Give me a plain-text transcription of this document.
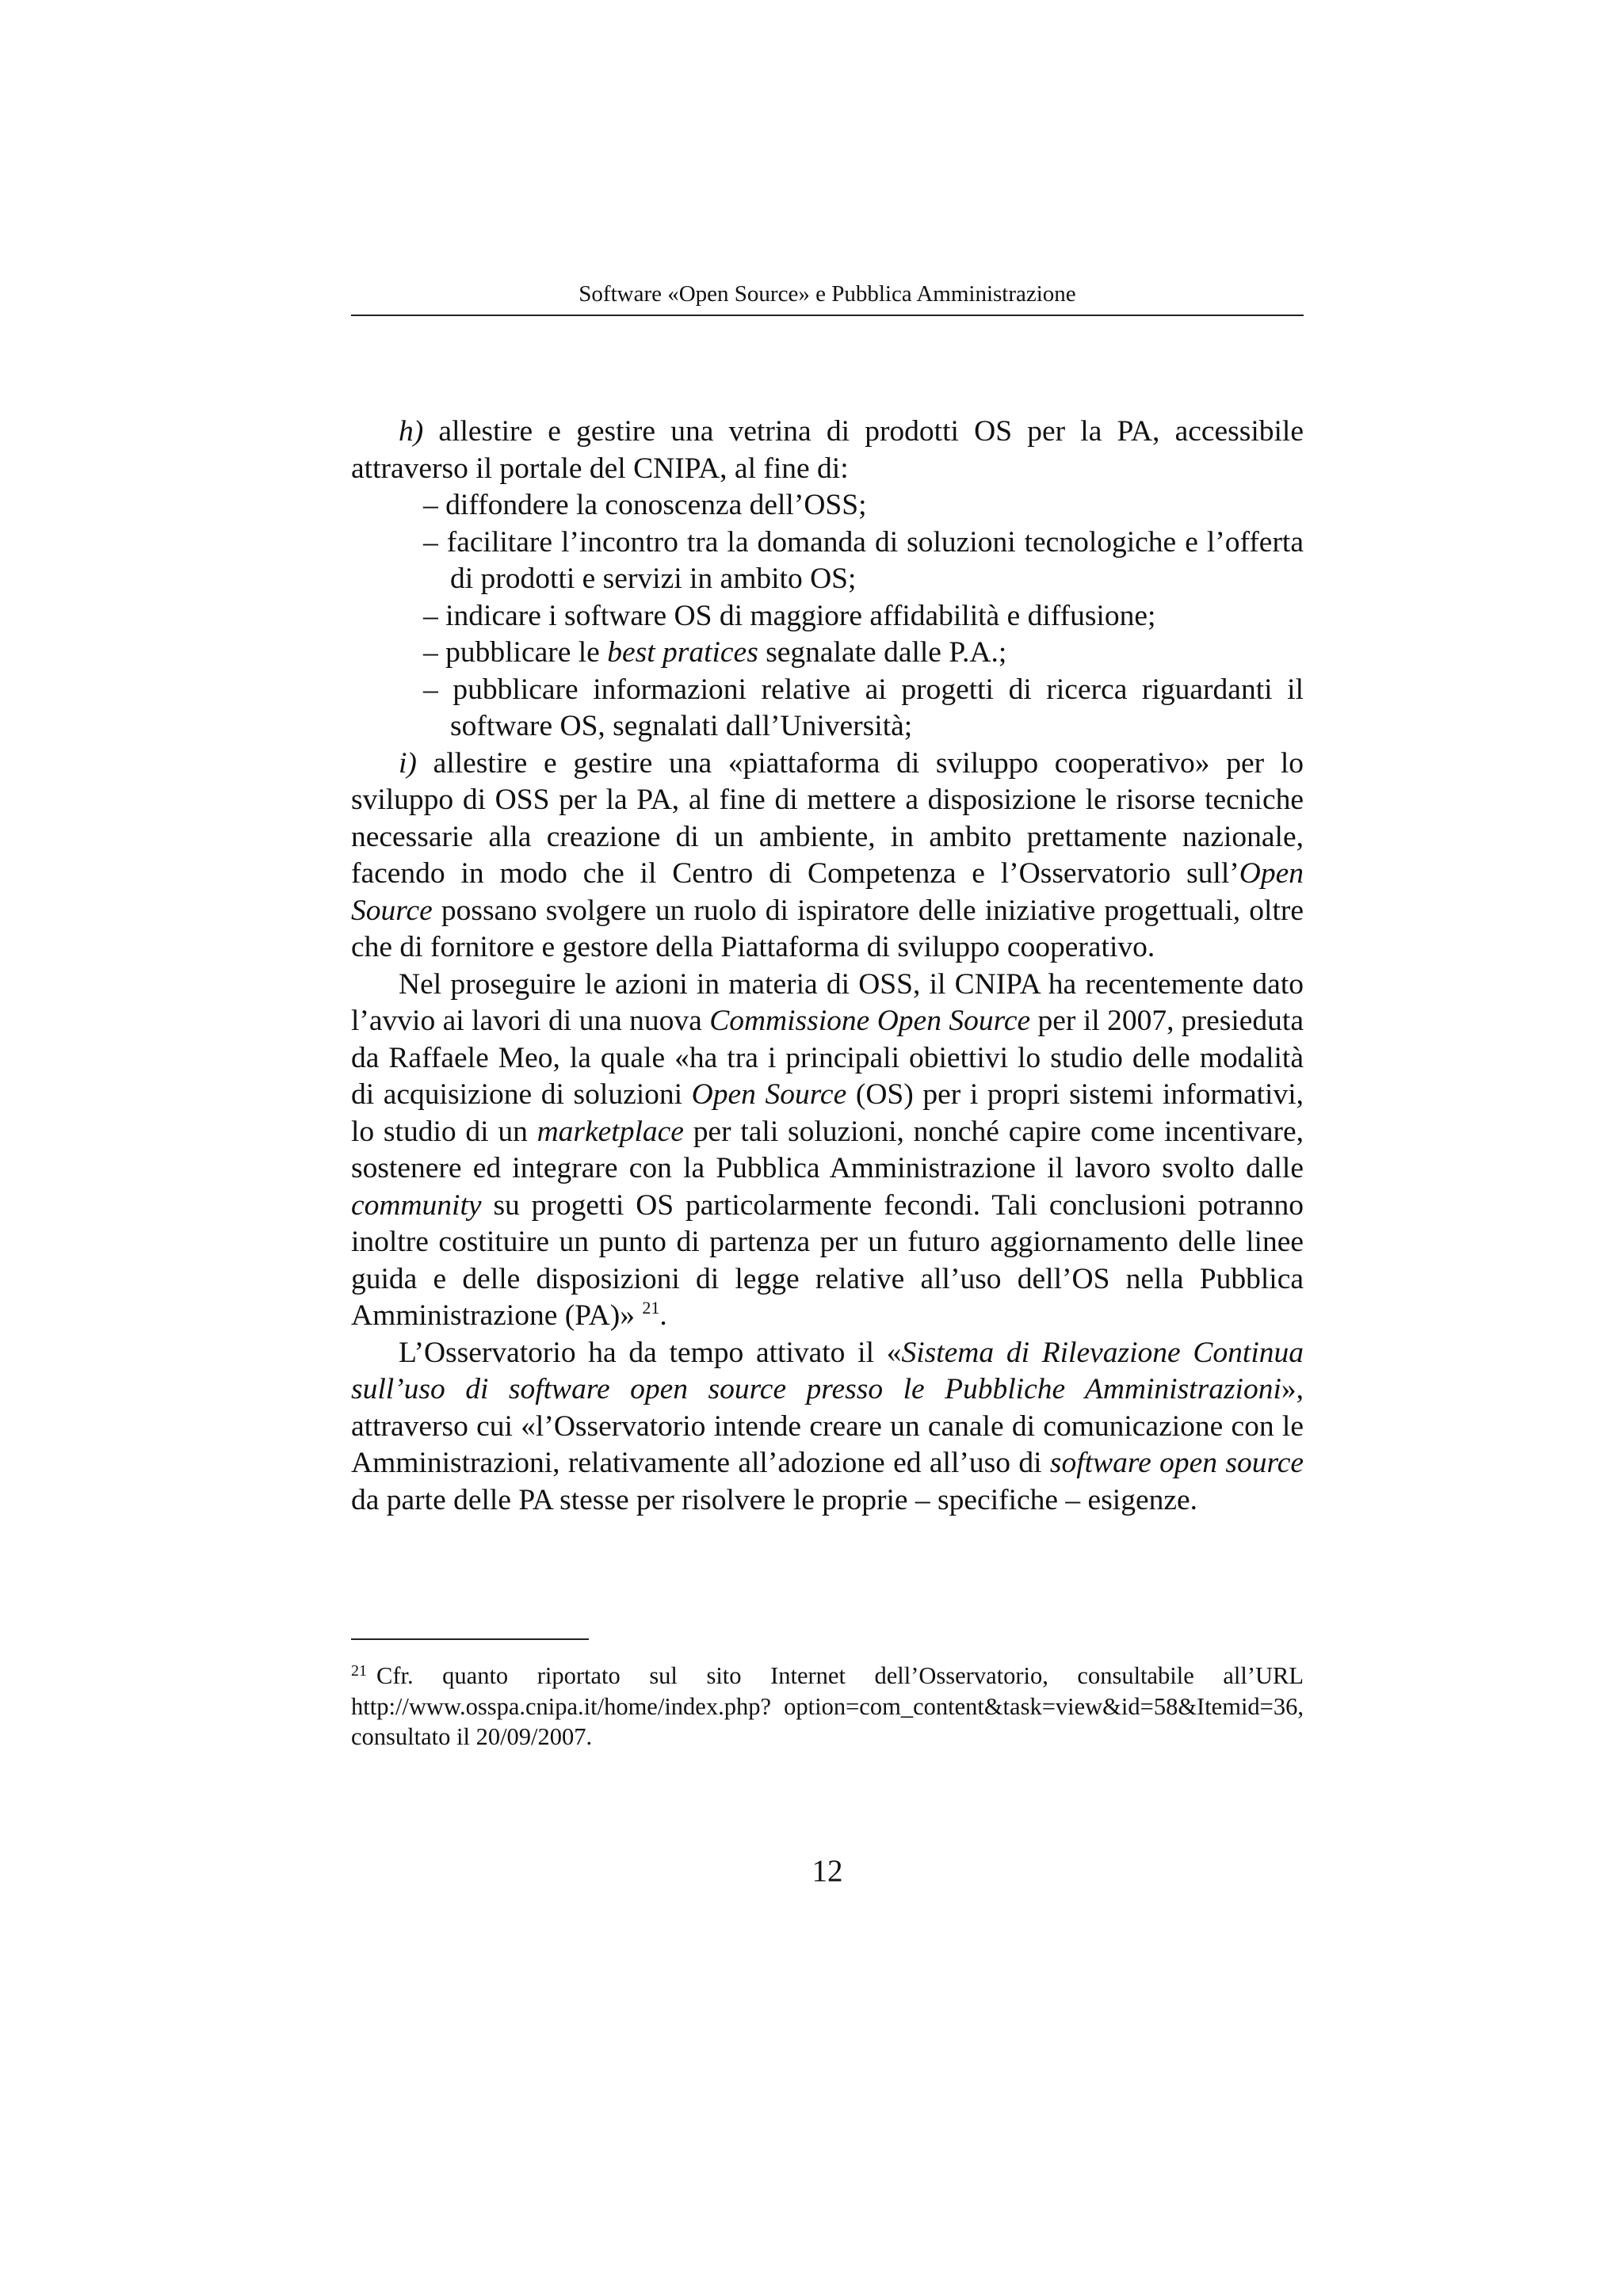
Software «Open Source» e Pubblica Amministrazione

h) allestire e gestire una vetrina di prodotti OS per la PA, accessibile attraverso il portale del CNIPA, al fine di:

– diffondere la conoscenza dell’OSS;
– facilitare l’incontro tra la domanda di soluzioni tecnologiche e l’offerta di prodotti e servizi in ambito OS;
– indicare i software OS di maggiore affidabilità e diffusione;
– pubblicare le best pratices segnalate dalle P.A.;
– pubblicare informazioni relative ai progetti di ricerca riguardanti il software OS, segnalati dall’Università;

i) allestire e gestire una «piattaforma di sviluppo cooperativo» per lo sviluppo di OSS per la PA, al fine di mettere a disposizione le risorse tecniche necessarie alla creazione di un ambiente, in ambito prettamente nazionale, facendo in modo che il Centro di Competenza e l’Osservatorio sull’Open Source possano svolgere un ruolo di ispiratore delle iniziative progettuali, oltre che di fornitore e gestore della Piattaforma di sviluppo cooperativo.

Nel proseguire le azioni in materia di OSS, il CNIPA ha recentemente dato l’avvio ai lavori di una nuova Commissione Open Source per il 2007, presieduta da Raffaele Meo, la quale «ha tra i principali obiettivi lo studio delle modalità di acquisizione di soluzioni Open Source (OS) per i propri sistemi informativi, lo studio di un marketplace per tali soluzioni, nonché capire come incentivare, sostenere ed integrare con la Pubblica Amministrazione il lavoro svolto dalle community su progetti OS particolarmente fecondi. Tali conclusioni potranno inoltre costituire un punto di partenza per un futuro aggiornamento delle linee guida e delle disposizioni di legge relative all’uso dell’OS nella Pubblica Amministrazione (PA)» $^{21}$.

L’Osservatorio ha da tempo attivato il «Sistema di Rilevazione Continua sull’uso di software open source presso le Pubbliche Amministrazioni», attraverso cui «l’Osservatorio intende creare un canale di comunicazione con le Amministrazioni, relativamente all’adozione ed all’uso di software open source da parte delle PA stesse per risolvere le proprie – specifiche – esigenze.

$^{21}$ Cfr. quanto riportato sul sito Internet dell’Osservatorio, consultabile all’URL http://www.osspa.cnipa.it/home/index.php? option=com_content&task=view&id=58&Itemid=36, consultato il 20/09/2007.

12
